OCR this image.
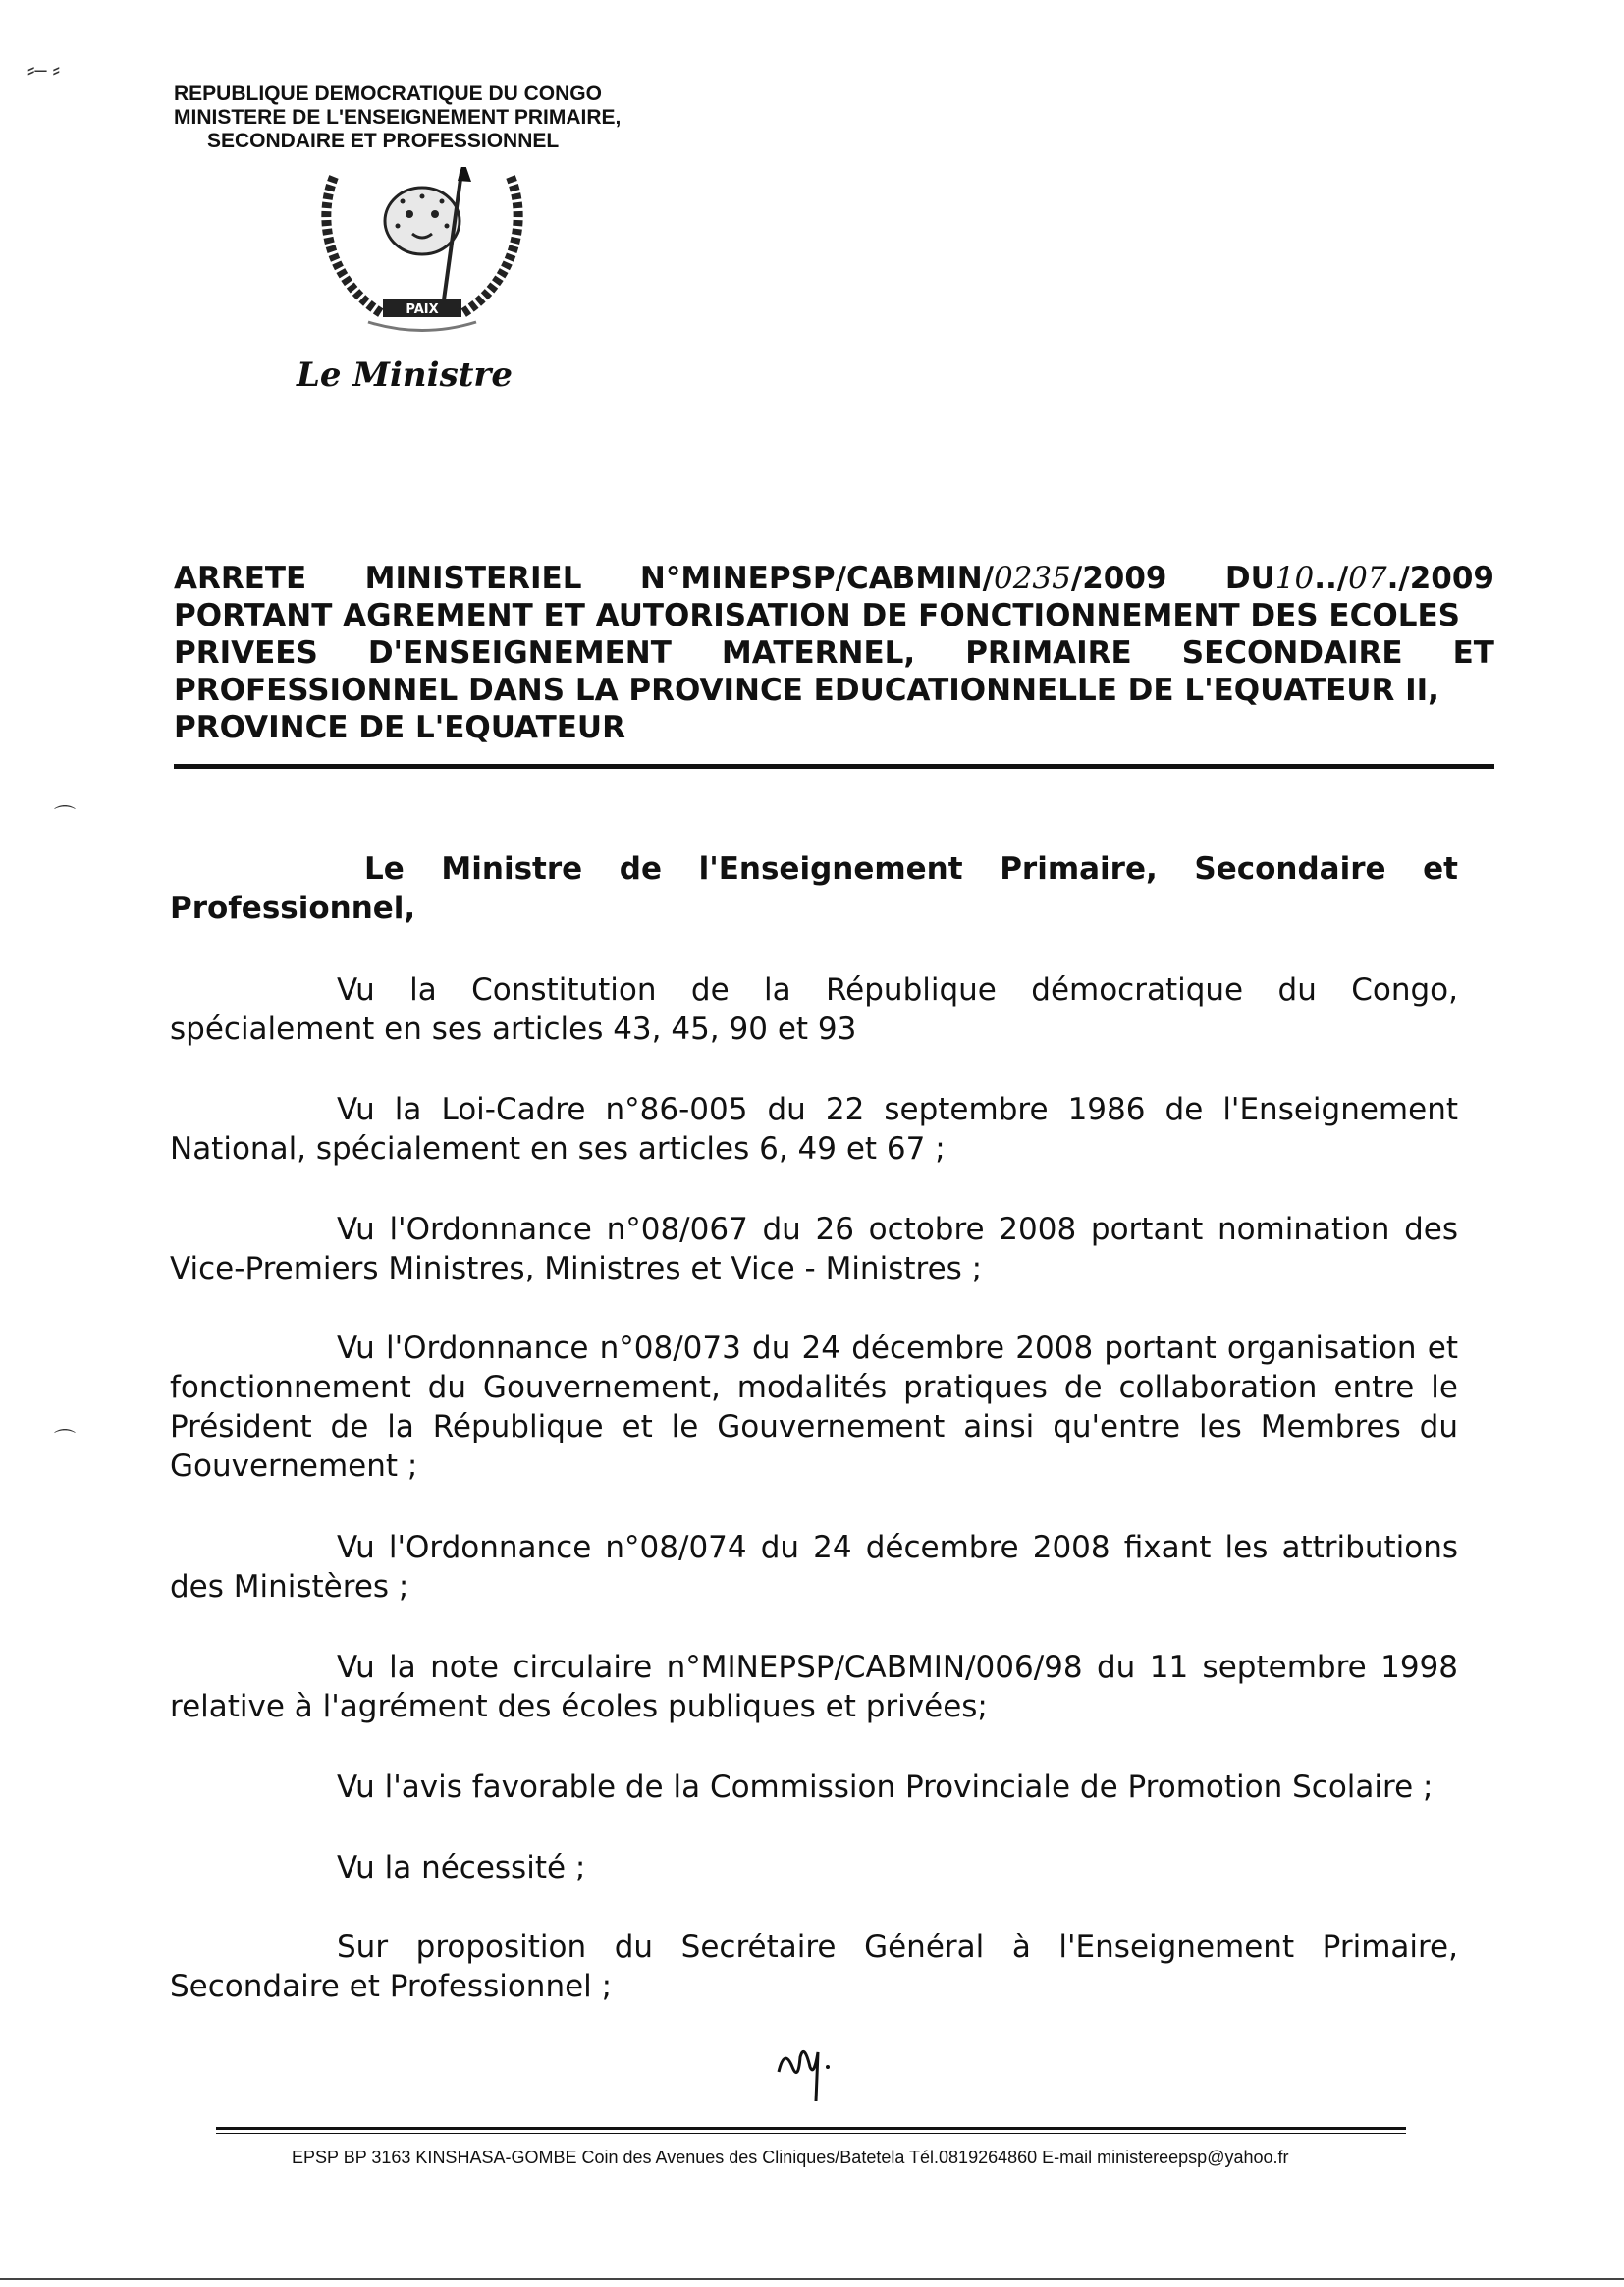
⸗‒ ⸗
⌒
⌒
REPUBLIQUE DEMOCRATIQUE DU CONGO
MINISTERE DE L'ENSEIGNEMENT PRIMAIRE,
SECONDAIRE ET PROFESSIONNEL
PAIX
Le Ministre
ARRETE MINISTERIEL N°MINEPSP/CABMIN/0235/2009 DU10../07./2009
PORTANT AGREMENT ET AUTORISATION DE FONCTIONNEMENT DES ECOLES
PRIVEES D'ENSEIGNEMENT MATERNEL, PRIMAIRE SECONDAIRE ET
PROFESSIONNEL DANS LA PROVINCE EDUCATIONNELLE DE L'EQUATEUR II,
PROVINCE DE L'EQUATEUR
Le Ministre de l'Enseignement Primaire, Secondaire et Professionnel,
Vu la Constitution de la République démocratique du Congo, spécialement en ses articles 43, 45, 90 et 93
Vu la Loi-Cadre n°86-005 du 22 septembre 1986 de l'Enseignement National, spécialement en ses articles 6, 49 et 67 ;
Vu l'Ordonnance n°08/067 du 26 octobre 2008 portant nomination des Vice-Premiers Ministres, Ministres et Vice - Ministres ;
Vu l'Ordonnance n°08/073 du 24 décembre 2008 portant organisation et fonctionnement du Gouvernement, modalités pratiques de collaboration entre le Président de la République et le Gouvernement ainsi qu'entre les Membres du Gouvernement ;
Vu l'Ordonnance n°08/074 du 24 décembre 2008 fixant les attributions des Ministères ;
Vu la note circulaire n°MINEPSP/CABMIN/006/98 du 11 septembre 1998 relative à l'agrément des écoles publiques et privées;
Vu l'avis favorable de la Commission Provinciale de Promotion Scolaire ;
Vu la nécessité ;
Sur proposition du Secrétaire Général à l'Enseignement Primaire, Secondaire et Professionnel ;
EPSP BP 3163 KINSHASA-GOMBE Coin des Avenues des Cliniques/Batetela Tél.0819264860 E-mail ministereepsp@yahoo.fr
